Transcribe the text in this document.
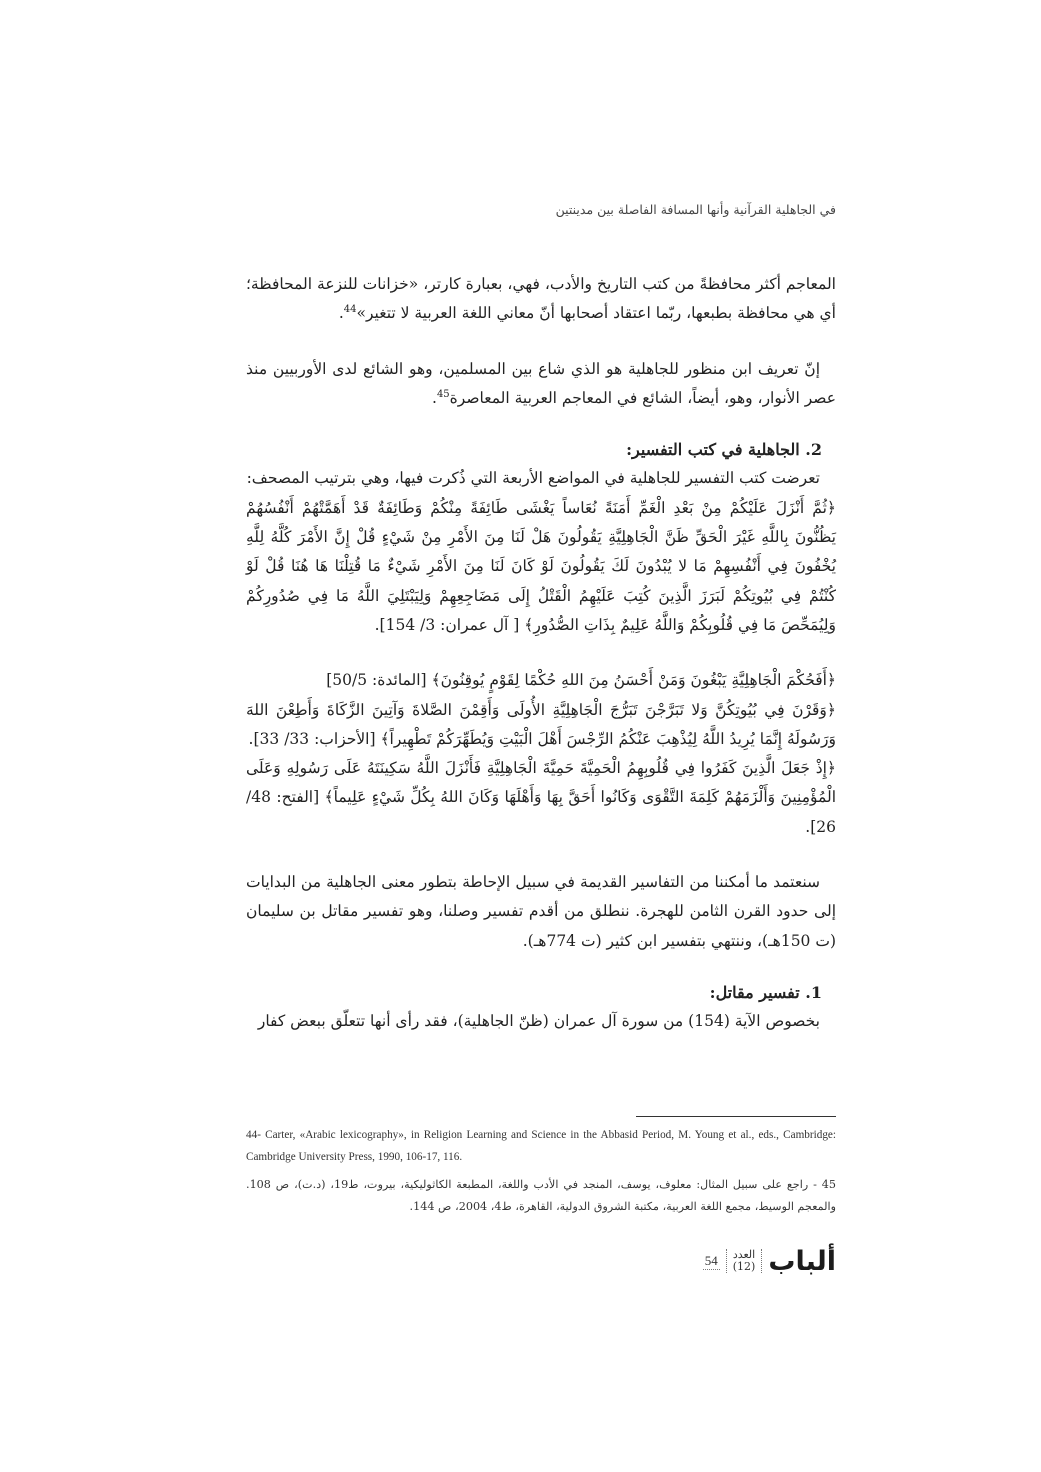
في الجاهلية القرآنية وأنها المسافة الفاصلة بين مدينتين

المعاجم أكثر محافظةً من كتب التاريخ والأدب، فهي، بعبارة كارتر، «خزانات للنزعة المحافظة؛ أي هي محافظة بطبعها، ربّما اعتقاد أصحابها أنّ معاني اللغة العربية لا تتغير»$^{44}$.

إنّ تعريف ابن منظور للجاهلية هو الذي شاع بين المسلمين، وهو الشائع لدى الأوربيين منذ عصر الأنوار، وهو، أيضاً، الشائع في المعاجم العربية المعاصرة$^{45}$.

2. الجاهلية في كتب التفسير:

تعرضت كتب التفسير للجاهلية في المواضع الأربعة التي ذُكرت فيها، وهي بترتيب المصحف:

﴿ثُمَّ أَنْزَلَ عَلَيْكُمْ مِنْ بَعْدِ الْغَمِّ أَمَنَةً نُعَاساً يَغْشَى طَائِفَةً مِنْكُمْ وَطَائِفَةٌ قَدْ أَهَمَّتْهُمْ أَنْفُسُهُمْ يَظُنُّونَ بِاللَّهِ غَيْرَ الْحَقِّ ظَنَّ الْجَاهِلِيَّةِ يَقُولُونَ هَلْ لَنَا مِنَ الأَمْرِ مِنْ شَيْءٍ قُلْ إِنَّ الأَمْرَ كُلَّهُ لِلَّهِ يُخْفُونَ فِي أَنْفُسِهِمْ مَا لا يُبْدُونَ لَكَ يَقُولُونَ لَوْ كَانَ لَنَا مِنَ الأَمْرِ شَيْءٌ مَا قُتِلْنَا هَا هُنَا قُلْ لَوْ كُنْتُمْ فِي بُيُوتِكُمْ لَبَرَزَ الَّذِينَ كُتِبَ عَلَيْهِمُ الْقَتْلُ إِلَى مَضَاجِعِهِمْ وَلِيَبْتَلِيَ اللَّهُ مَا فِي صُدُورِكُمْ وَلِيُمَحِّصَ مَا فِي قُلُوبِكُمْ وَاللَّهُ عَلِيمٌ بِذَاتِ الصُّدُورِ﴾ [ آل عمران: 3/ 154].

﴿أَفَحُكْمَ الْجَاهِلِيَّةِ يَبْغُونَ وَمَنْ أَحْسَنُ مِنَ اللهِ حُكْمًا لِقَوْمٍ يُوقِنُونَ﴾ [المائدة: 50/5]

﴿وَقَرْنَ فِي بُيُوتِكُنَّ وَلا تَبَرَّجْنَ تَبَرُّجَ الْجَاهِلِيَّةِ الأُولَى وَأَقِمْنَ الصَّلاةَ وَآتِينَ الزَّكَاةَ وَأَطِعْنَ اللهَ وَرَسُولَهُ إِنَّمَا يُرِيدُ اللَّهُ لِيُذْهِبَ عَنْكُمُ الرِّجْسَ أَهْلَ الْبَيْتِ وَيُطَهِّرَكُمْ تَطْهِيراً﴾ [الأحزاب: 33/ 33].

﴿إِذْ جَعَلَ الَّذِينَ كَفَرُوا فِي قُلُوبِهِمُ الْحَمِيَّةَ حَمِيَّةَ الْجَاهِلِيَّةِ فَأَنْزَلَ اللَّهُ سَكِينَتَهُ عَلَى رَسُولِهِ وَعَلَى الْمُؤْمِنِينَ وَأَلْزَمَهُمْ كَلِمَةَ التَّقْوَى وَكَانُوا أَحَقَّ بِهَا وَأَهْلَهَا وَكَانَ اللهُ بِكُلِّ شَيْءٍ عَلِيماً﴾ [الفتح: 48/ 26].

سنعتمد ما أمكننا من التفاسير القديمة في سبيل الإحاطة بتطور معنى الجاهلية من البدايات إلى حدود القرن الثامن للهجرة. ننطلق من أقدم تفسير وصلنا، وهو تفسير مقاتل بن سليمان (ت 150هـ)، وننتهي بتفسير ابن كثير (ت 774هـ).

1. تفسير مقاتل:

بخصوص الآية (154) من سورة آل عمران (ظنّ الجاهلية)، فقد رأى أنها تتعلّق ببعض كفار

44- Carter, «Arabic lexicography», in Religion Learning and Science in the Abbasid Period, M. Young et al., eds., Cambridge: Cambridge University Press, 1990, 106-17, 116.

45 - راجع على سبيل المثال: معلوف، يوسف، المنجد في الأدب واللغة، المطبعة الكاثوليكية، بيروت، ط19، (د.ت)، ص 108. والمعجم الوسيط، مجمع اللغة العربية، مكتبة الشروق الدولية، القاهرة، ط4، 2004، ص 144.

ألباب
العدد
(12)
54
